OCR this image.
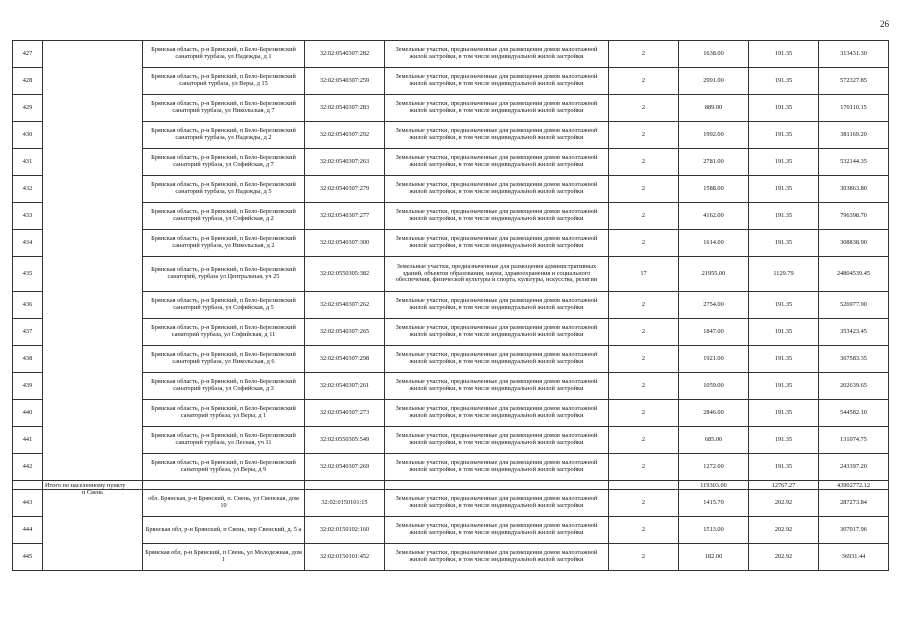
26
427		Брянская область, р-н Брянский, п Бело-Березковский санаторий турбаза, ул Надежды, д 1	32:02:0540307:282	Земельные участки, предназначенные для размещения домов малоэтажной жилой застройки, в том числе индивидуальной жилой застройки	2	1638.00	191.35	313431.30
428		Брянская область, р-н Брянский, п Бело-Березковский санаторий турбаза, ул Веры, д 15	32:02:0540307:259	Земельные участки, предназначенные для размещения домов малоэтажной жилой застройки, в том числе индивидуальной жилой застройки	2	2991.00	191.35	572327.85
429		Брянская область, р-н Брянский, п Бело-Березковский санаторий турбаза, ул Никольская, д 7	32:02:0540307:283	Земельные участки, предназначенные для размещения домов малоэтажной жилой застройки, в том числе индивидуальной жилой застройки	2	889.00	191.35	170110.15
430		Брянская область, р-н Брянский, п Бело-Березковский санаторий турбаза, ул Надежды, д 2	32:02:0540307:292	Земельные участки, предназначенные для размещения домов малоэтажной жилой застройки, в том числе индивидуальной жилой застройки	2	1992.00	191.35	381169.20
431		Брянская область, р-н Брянский, п Бело-Березковский санаторий турбаза, ул Софийская, д 7	32:02:0540307:263	Земельные участки, предназначенные для размещения домов малоэтажной жилой застройки, в том числе индивидуальной жилой застройки	2	2781.00	191.35	532144.35
432		Брянская область, р-н Брянский, п Бело-Березковский санаторий турбаза, ул Надежды, д 5	32:02:0540307:279	Земельные участки, предназначенные для размещения домов малоэтажной жилой застройки, в том числе индивидуальной жилой застройки	2	1588.00	191.35	303863.80
433		Брянская область, р-н Брянский, п Бело-Березковский санаторий турбаза, ул Софийская, д 2	32:02:0540307:277	Земельные участки, предназначенные для размещения домов малоэтажной жилой застройки, в том числе индивидуальной жилой застройки	2	4162.00	191.35	796398.70
434		Брянская область, р-н Брянский, п Бело-Березковский санаторий турбаза, ул Никольская, д 2	32:02:0540307:300	Земельные участки, предназначенные для размещения домов малоэтажной жилой застройки, в том числе индивидуальной жилой застройки	2	1614.00	191.35	308838.90
435		Брянская область, р-н Брянский, п Бело-Березковский санаторий, турбаза ул Центральная, уч 25	32:02:0550305:382	Земельные участки, предназначенные для размещения административных зданий, объектов образования, науки, здравоохранения и социального обеспечения, физической культуры и спорта, культуры, искусства, религии	17	21955.00	1129.79	24804539.45
436		Брянская область, р-н Брянский, п Бело-Березковский санаторий турбаза, ул Софийская, д 5	32:02:0540307:262	Земельные участки, предназначенные для размещения домов малоэтажной жилой застройки, в том числе индивидуальной жилой застройки	2	2754.00	191.35	526977.90
437		Брянская область, р-н Брянский, п Бело-Березковский санаторий турбаза, ул Софийская, д 11	32:02:0540307:265	Земельные участки, предназначенные для размещения домов малоэтажной жилой застройки, в том числе индивидуальной жилой застройки	2	1847.00	191.35	353423.45
438		Брянская область, р-н Брянский, п Бело-Березковский санаторий турбаза, ул Никольская, д 6	32:02:0540307:298	Земельные участки, предназначенные для размещения домов малоэтажной жилой застройки, в том числе индивидуальной жилой застройки	2	1921.00	191.35	367583.35
439		Брянская область, р-н Брянский, п Бело-Березковский санаторий турбаза, ул Софийская, д 3	32:02:0540307:261	Земельные участки, предназначенные для размещения домов малоэтажной жилой застройки, в том числе индивидуальной жилой застройки	2	1059.00	191.35	202639.65
440		Брянская область, р-н Брянский, п Бело-Березковский санаторий турбаза, ул Веры, д 1	32:02:0540307:273	Земельные участки, предназначенные для размещения домов малоэтажной жилой застройки, в том числе индивидуальной жилой застройки	2	2846.00	191.35	544582.10
441		Брянская область, р-н Брянский, п Бело-Березковский санаторий турбаза, ул Лесная, уч 11	32:02:0550305:549	Земельные участки, предназначенные для размещения домов малоэтажной жилой застройки, в том числе индивидуальной жилой застройки	2	685.00	191.35	131074.75
442		Брянская область, р-н Брянский, п Бело-Березковский санаторий турбаза, ул Веры, д 9	32:02:0540307:269	Земельные участки, предназначенные для размещения домов малоэтажной жилой застройки, в том числе индивидуальной жилой застройки	2	1272.00	191.35	243397.20
	Итого по населенному пункту					119303.00	12767.27	43902772.12
443	п Свень	обл. Брянская, р-н Брянский, п. Свень, ул Свенская, дом 10	32:02:0150101:15	Земельные участки, предназначенные для размещения домов малоэтажной жилой застройки, в том числе индивидуальной жилой застройки	2	1415.70	202.92	287273.84
444		Брянская обл, р-н Брянский, п Свень, пер Свенский, д. 5 а	32:02:0150102:160	Земельные участки, предназначенные для размещения домов малоэтажной жилой застройки, в том числе индивидуальной жилой застройки	2	1513.00	202.92	307017.96
445		Брянская обл, р-н Брянский, п Свень, ул Молодежная, дом 1	32:02:0150101:452	Земельные участки, предназначенные для размещения домов малоэтажной жилой застройки, в том числе индивидуальной жилой застройки	2	182.00	202.92	36931.44
